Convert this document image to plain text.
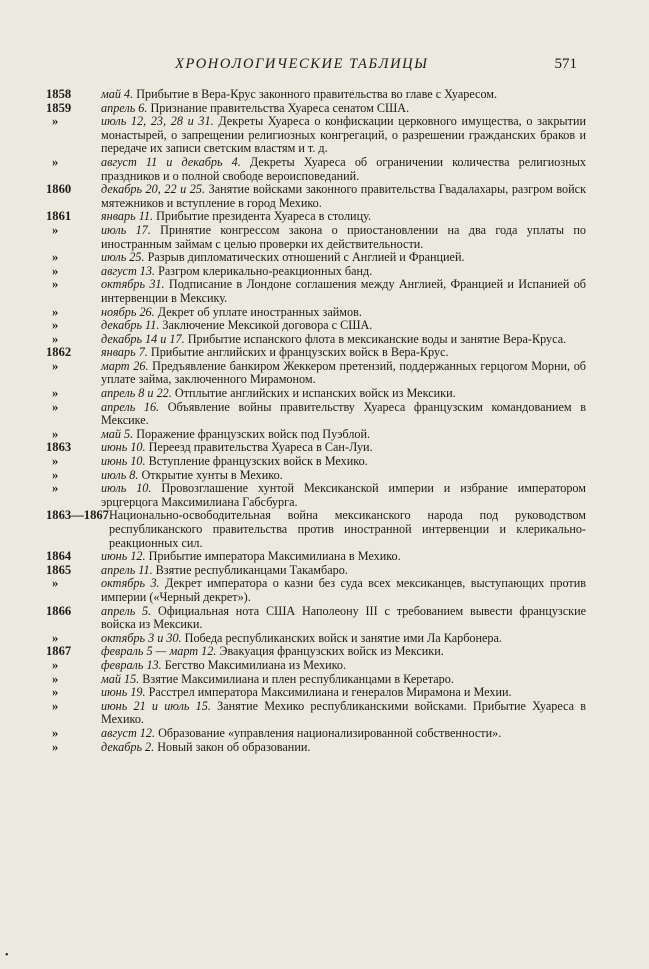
ХРОНОЛОГИЧЕСКИЕ ТАБЛИЦЫ	571
1858	май 4. Прибытие в Вера-Крус законного правительства во главе с Хуаресом.
1859	апрель 6. Признание правительства Хуареса сенатом США.
»	июль 12, 23, 28 и 31. Декреты Хуареса о конфискации церковного имущества, о закрытии монастырей, о запрещении религиозных конгрегаций, о разрешении гражданских браков и передаче их записи светским властям и т. д.
»	август 11 и декабрь 4. Декреты Хуареса об ограничении количества религиозных праздников и о полной свободе вероисповеданий.
1860	декабрь 20, 22 и 25. Занятие войсками законного правительства Гвадалахары, разгром войск мятежников и вступление в город Мехико.
1861	январь 11. Прибытие президента Хуареса в столицу.
»	июль 17. Принятие конгрессом закона о приостановлении на два года уплаты по иностранным займам с целью проверки их действительности.
»	июль 25. Разрыв дипломатических отношений с Англией и Францией.
»	август 13. Разгром клерикально-реакционных банд.
»	октябрь 31. Подписание в Лондоне соглашения между Англией, Францией и Испанией об интервенции в Мексику.
»	ноябрь 26. Декрет об уплате иностранных займов.
»	декабрь 11. Заключение Мексикой договора с США.
»	декабрь 14 и 17. Прибытие испанского флота в мексиканские воды и занятие Вера-Круса.
1862	январь 7. Прибытие английских и французских войск в Вера-Крус.
»	март 26. Предъявление банкиром Жеккером претензий, поддержанных герцогом Морни, об уплате займа, заключенного Мирамоном.
»	апрель 8 и 22. Отплытие английских и испанских войск из Мексики.
»	апрель 16. Объявление войны правительству Хуареса французским командованием в Мексике.
»	май 5. Поражение французских войск под Пуэблой.
1863	июнь 10. Переезд правительства Хуареса в Сан-Луи.
»	июнь 10. Вступление французских войск в Мехико.
»	июль 8. Открытие хунты в Мехико.
»	июль 10. Провозглашение хунтой Мексиканской империи и избрание императором эрцгерцога Максимилиана Габсбурга.
1863—1867 Национально-освободительная война мексиканского народа под руководством республиканского правительства против иностранной интервенции и клерикально-реакционных сил.
1864	июнь 12. Прибытие императора Максимилиана в Мехико.
1865	апрель 11. Взятие республиканцами Такамбаро.
»	октябрь 3. Декрет императора о казни без суда всех мексиканцев, выступающих против империи («Черный декрет»).
1866	апрель 5. Официальная нота США Наполеону III с требованием вывести французские войска из Мексики.
»	октябрь 3 и 30. Победа республиканских войск и занятие ими Ла Карбонера.
1867	февраль 5 — март 12. Эвакуация французских войск из Мексики.
»	февраль 13. Бегство Максимилиана из Мехико.
»	май 15. Взятие Максимилиана и плен республиканцами в Керетаро.
»	июнь 19. Расстрел императора Максимилиана и генералов Мирамона и Мехии.
»	июнь 21 и июль 15. Занятие Мехико республиканскими войсками. Прибытие Хуареса в Мехико.
»	август 12. Образование «управления национализированной собственности».
»	декабрь 2. Новый закон об образовании.
•
